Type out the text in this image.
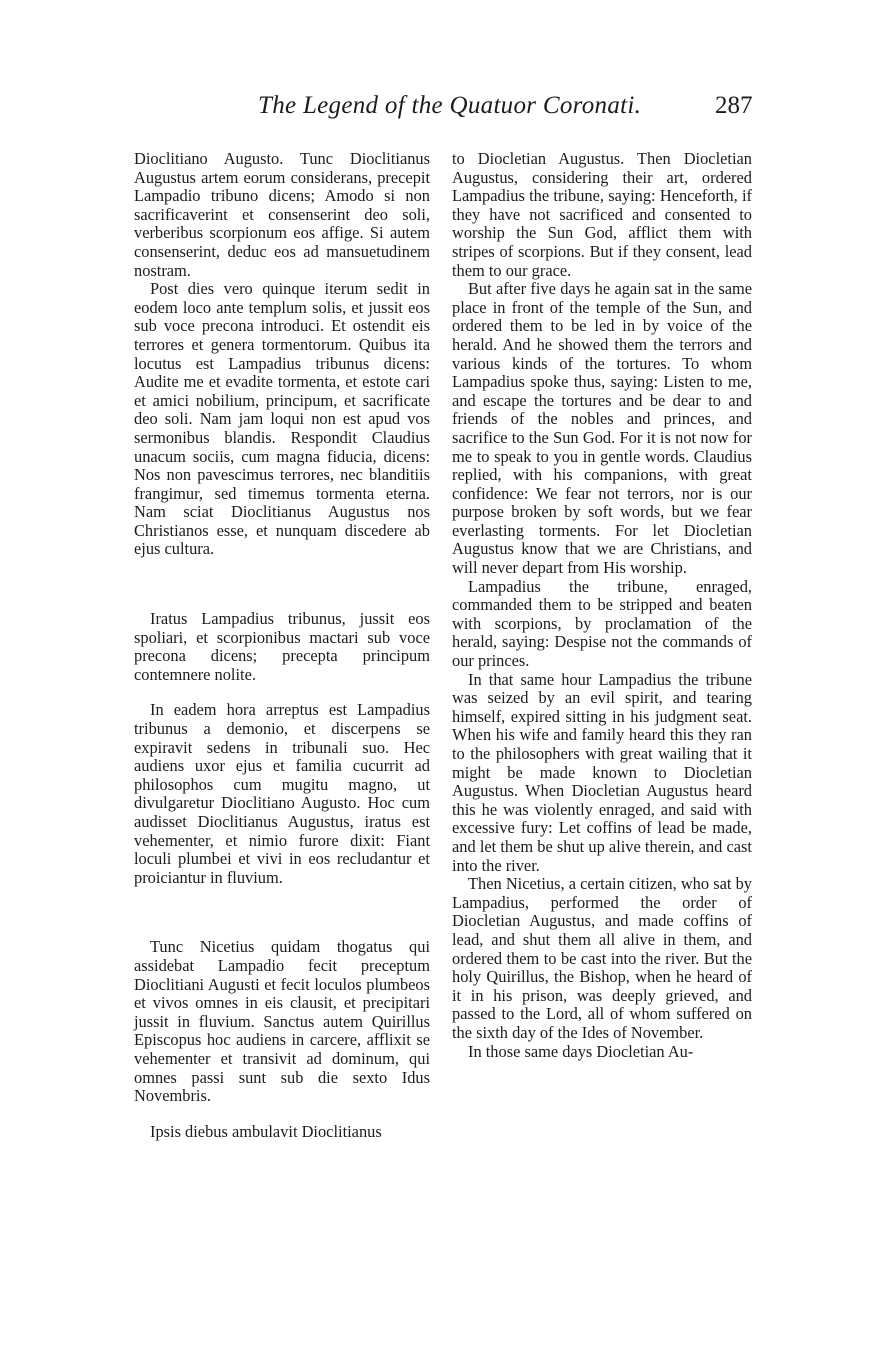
The Legend of the Quatuor Coronati.	287

Dioclitiano Augusto. Tunc Dioclitianus Augustus artem eorum considerans, precepit Lampadio tribuno dicens; Amodo si non sacrificaverint et consenserint deo soli, verberibus scorpionum eos affige. Si autem consenserint, deduc eos ad mansuetudinem nostram.

Post dies vero quinque iterum sedit in eodem loco ante templum solis, et jussit eos sub voce precona introduci. Et ostendit eis terrores et genera tormentorum. Quibus ita locutus est Lampadius tribunus dicens: Audite me et evadite tormenta, et estote cari et amici nobilium, principum, et sacrificate deo soli. Nam jam loqui non est apud vos sermonibus blandis. Respondit Claudius unacum sociis, cum magna fiducia, dicens: Nos non pavescimus terrores, nec blanditiis frangimur, sed timemus tormenta eterna. Nam sciat Dioclitianus Augustus nos Christianos esse, et nunquam discedere ab ejus cultura.

Iratus Lampadius tribunus, jussit eos spoliari, et scorpionibus mactari sub voce precona dicens; precepta principum contemnere nolite.

In eadem hora arreptus est Lampadius tribunus a demonio, et discerpens se expiravit sedens in tribunali suo. Hec audiens uxor ejus et familia cucurrit ad philosophos cum mugitu magno, ut divulgaretur Dioclitiano Augusto. Hoc cum audisset Dioclitianus Augustus, iratus est vehementer, et nimio furore dixit: Fiant loculi plumbei et vivi in eos recludantur et proiciantur in fluvium.

Tunc Nicetius quidam thogatus qui assidebat Lampadio fecit preceptum Dioclitiani Augusti et fecit loculos plumbeos et vivos omnes in eis clausit, et precipitari jussit in fluvium. Sanctus autem Quirillus Episcopus hoc audiens in carcere, afflixit se vehementer et transivit ad dominum, qui omnes passi sunt sub die sexto Idus Novembris.

Ipsis diebus ambulavit Dioclitianus

to Diocletian Augustus. Then Diocletian Augustus, considering their art, ordered Lampadius the tribune, saying: Henceforth, if they have not sacrificed and consented to worship the Sun God, afflict them with stripes of scorpions. But if they consent, lead them to our grace.

But after five days he again sat in the same place in front of the temple of the Sun, and ordered them to be led in by voice of the herald. And he showed them the terrors and various kinds of the tortures. To whom Lampadius spoke thus, saying: Listen to me, and escape the tortures and be dear to and friends of the nobles and princes, and sacrifice to the Sun God. For it is not now for me to speak to you in gentle words. Claudius replied, with his companions, with great confidence: We fear not terrors, nor is our purpose broken by soft words, but we fear everlasting torments. For let Diocletian Augustus know that we are Christians, and will never depart from His worship.

Lampadius the tribune, enraged, commanded them to be stripped and beaten with scorpions, by proclamation of the herald, saying: Despise not the commands of our princes.

In that same hour Lampadius the tribune was seized by an evil spirit, and tearing himself, expired sitting in his judgment seat. When his wife and family heard this they ran to the philosophers with great wailing that it might be made known to Diocletian Augustus. When Diocletian Augustus heard this he was violently enraged, and said with excessive fury: Let coffins of lead be made, and let them be shut up alive therein, and cast into the river.

Then Nicetius, a certain citizen, who sat by Lampadius, performed the order of Diocletian Augustus, and made coffins of lead, and shut them all alive in them, and ordered them to be cast into the river. But the holy Quirillus, the Bishop, when he heard of it in his prison, was deeply grieved, and passed to the Lord, all of whom suffered on the sixth day of the Ides of November.

In those same days Diocletian Au-
